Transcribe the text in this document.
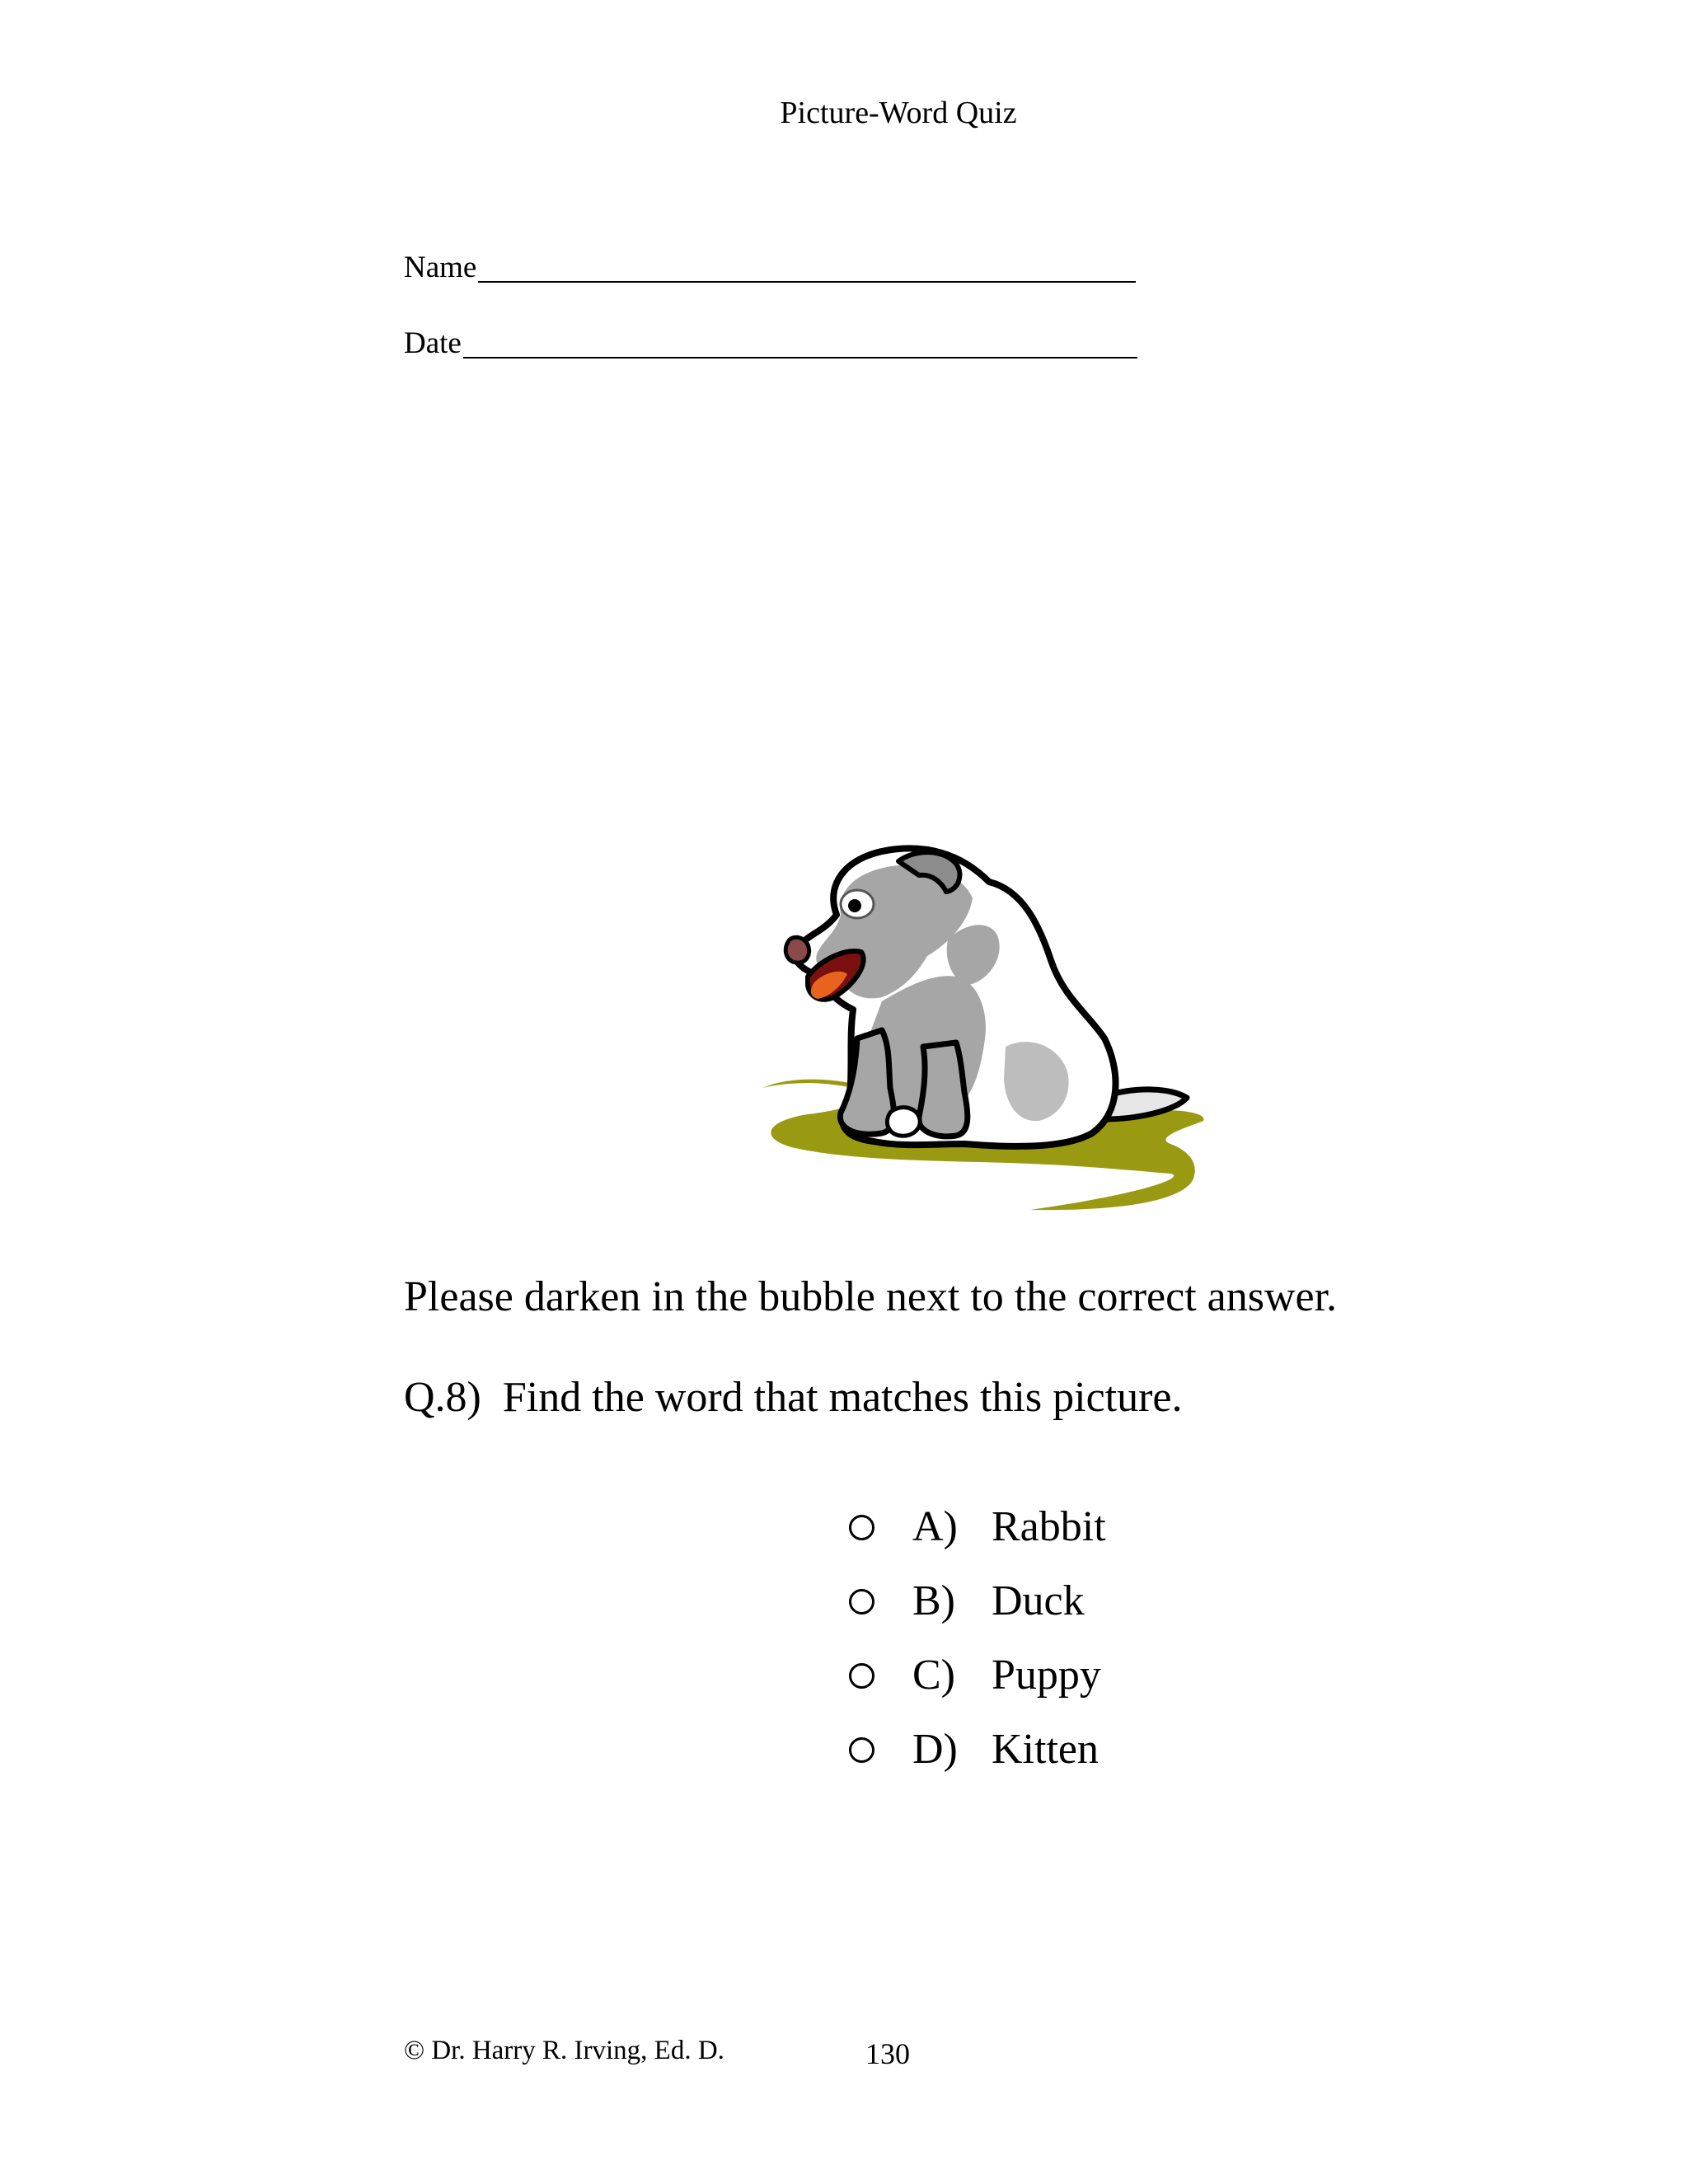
Picture-Word Quiz
Name
Date
Please darken in the bubble next to the correct answer.
Q.8) Find the word that matches this picture.
A) Rabbit
B) Duck
C) Puppy
D) Kitten
© Dr. Harry R. Irving, Ed. D.	130
